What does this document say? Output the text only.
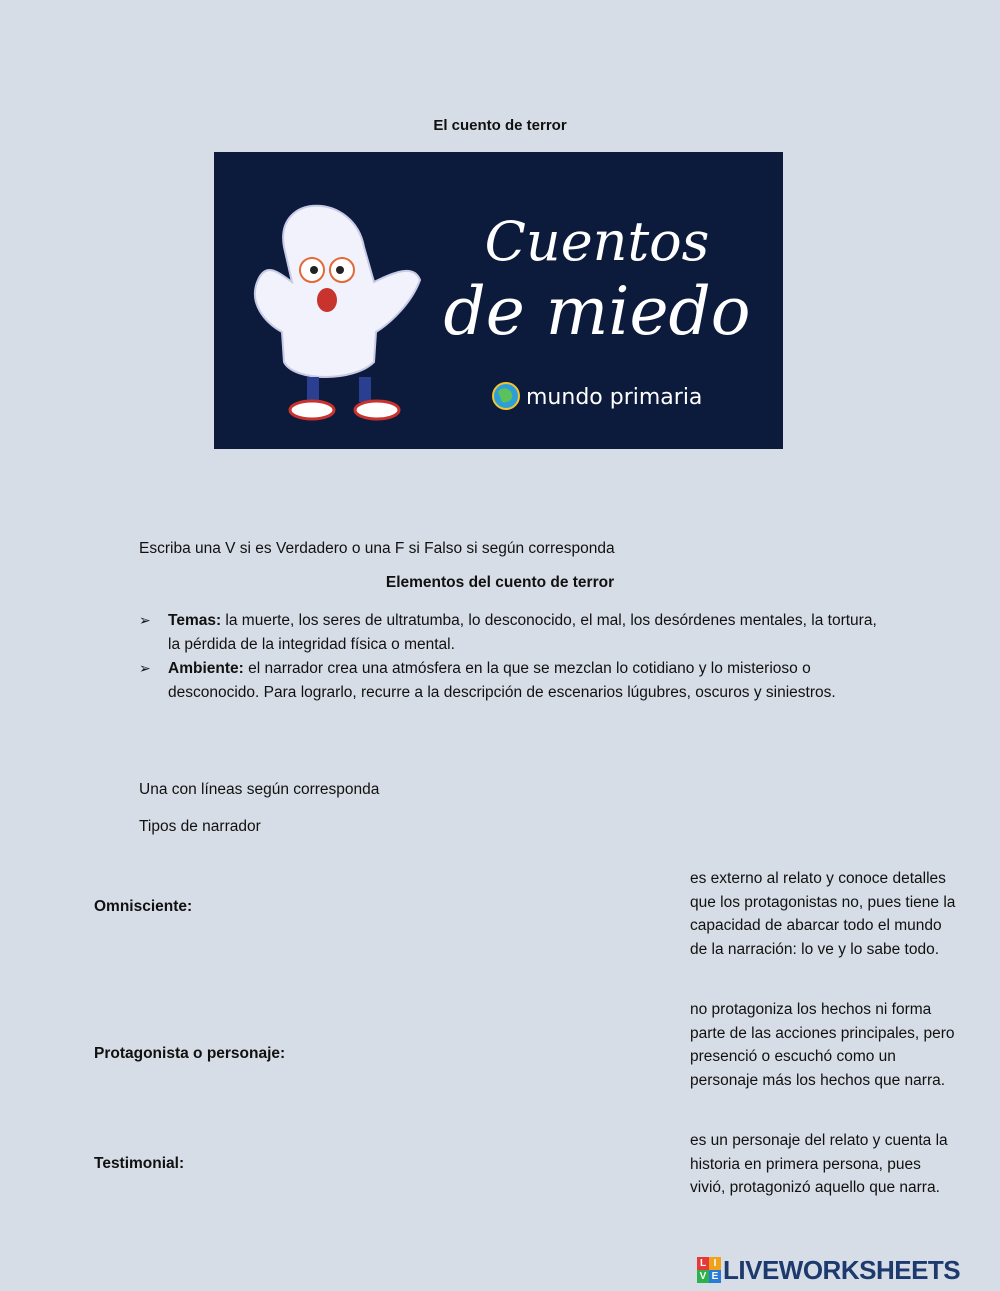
El cuento de terror
Cuentos
de miedo
mundo primaria
Escriba una V si es Verdadero o una F si Falso si según corresponda
Elementos del cuento de terror
➢ Temas: la muerte, los seres de ultratumba, lo desconocido, el mal, los desórdenes mentales, la tortura, la pérdida de la integridad física o mental.
➢ Ambiente: el narrador crea una atmósfera en la que se mezclan lo cotidiano y lo misterioso o desconocido. Para lograrlo, recurre a la descripción de escenarios lúgubres, oscuros y siniestros.
Una con líneas según corresponda
Tipos de narrador
Omnisciente:
Protagonista o personaje:
Testimonial:
es externo al relato y conoce detalles que los protagonistas no, pues tiene la capacidad de abarcar todo el mundo de la narración: lo ve y lo sabe todo.
no protagoniza los hechos ni forma parte de las acciones principales, pero presenció o escuchó como un personaje más los hechos que narra.
es un personaje del relato y cuenta la historia en primera persona, pues vivió, protagonizó aquello que narra.
L I
V E LIVEWORKSHEETS
